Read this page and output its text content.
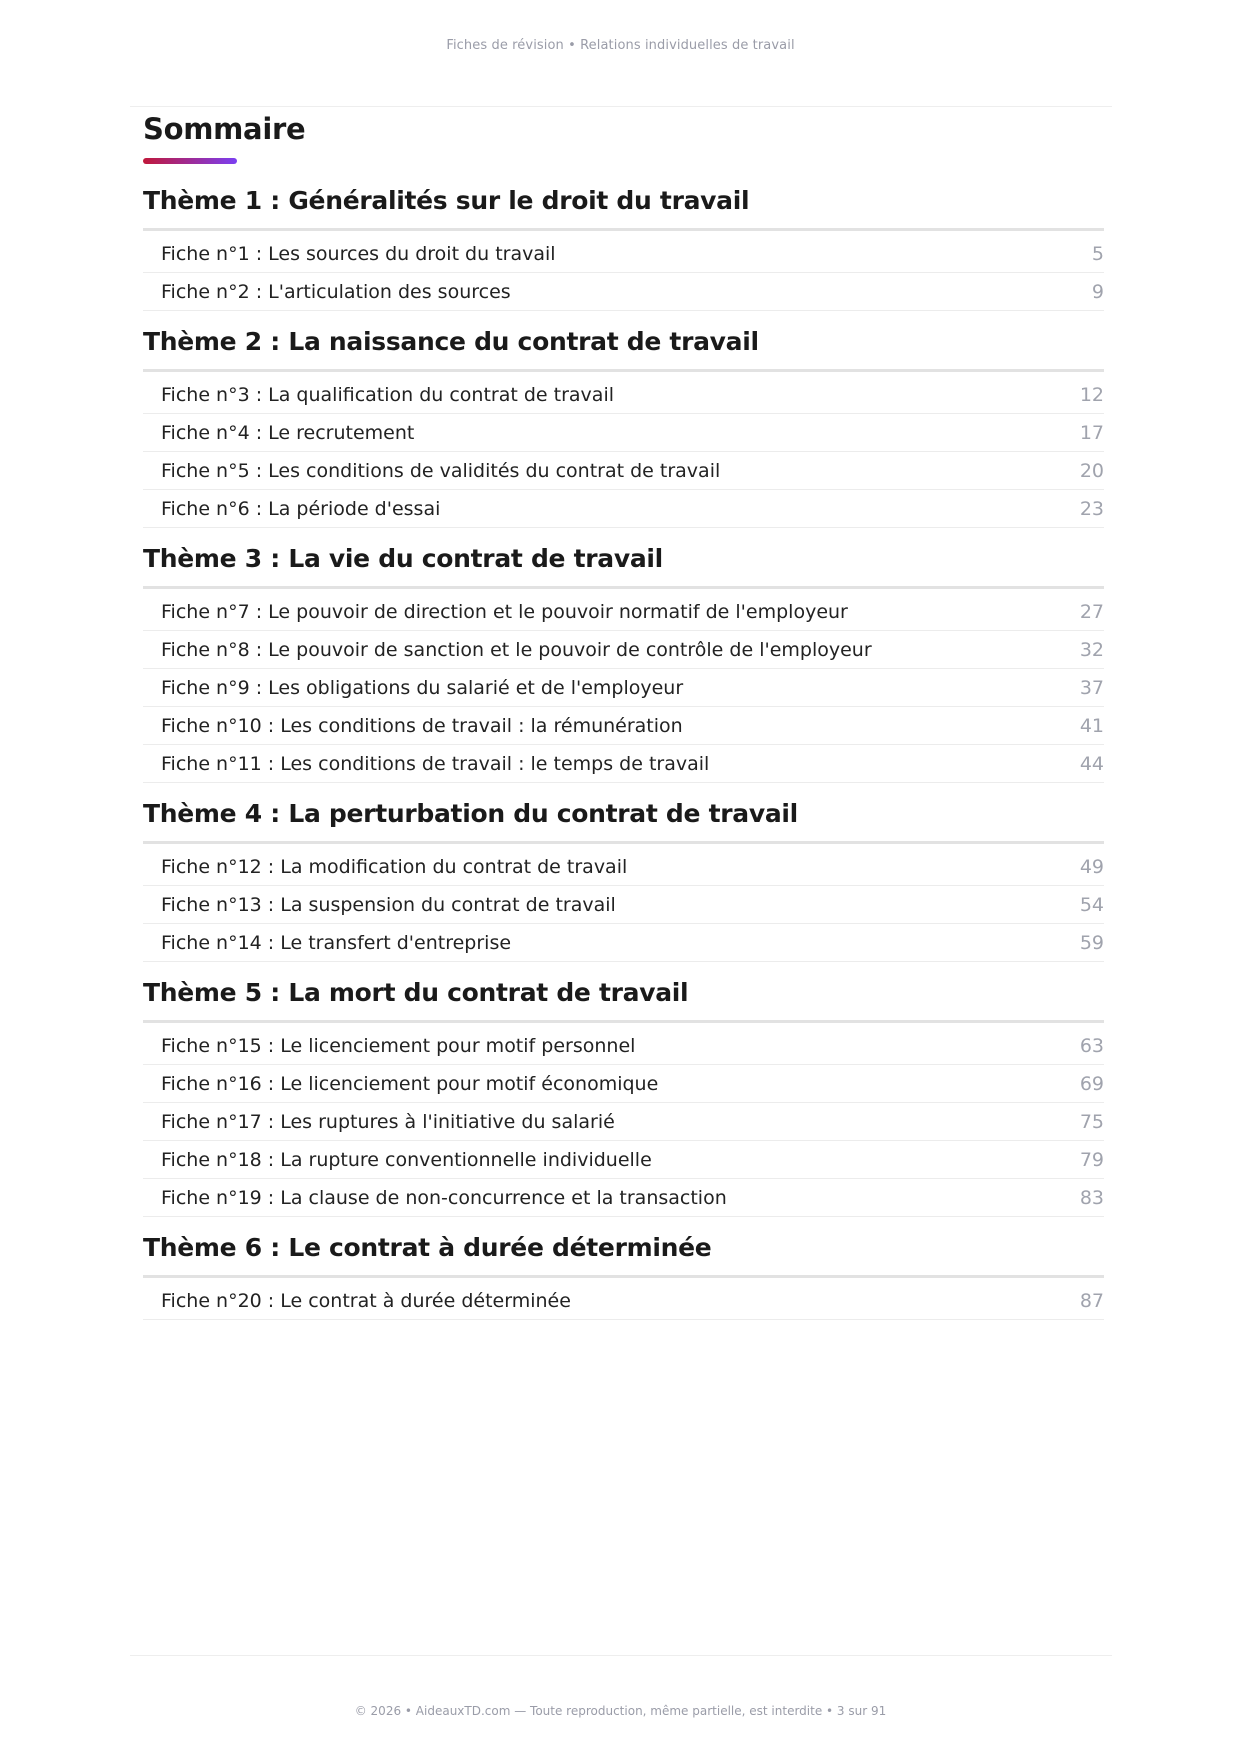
Fiches de révision • Relations individuelles de travail
Sommaire
Thème 1 : Généralités sur le droit du travail
Fiche n°1 : Les sources du droit du travail	5
Fiche n°2 : L'articulation des sources	9
Thème 2 : La naissance du contrat de travail
Fiche n°3 : La qualification du contrat de travail	12
Fiche n°4 : Le recrutement	17
Fiche n°5 : Les conditions de validités du contrat de travail	20
Fiche n°6 : La période d'essai	23
Thème 3 : La vie du contrat de travail
Fiche n°7 : Le pouvoir de direction et le pouvoir normatif de l'employeur	27
Fiche n°8 : Le pouvoir de sanction et le pouvoir de contrôle de l'employeur	32
Fiche n°9 : Les obligations du salarié et de l'employeur	37
Fiche n°10 : Les conditions de travail : la rémunération	41
Fiche n°11 : Les conditions de travail : le temps de travail	44
Thème 4 : La perturbation du contrat de travail
Fiche n°12 : La modification du contrat de travail	49
Fiche n°13 : La suspension du contrat de travail	54
Fiche n°14 : Le transfert d'entreprise	59
Thème 5 : La mort du contrat de travail
Fiche n°15 : Le licenciement pour motif personnel	63
Fiche n°16 : Le licenciement pour motif économique	69
Fiche n°17 : Les ruptures à l'initiative du salarié	75
Fiche n°18 : La rupture conventionnelle individuelle	79
Fiche n°19 : La clause de non-concurrence et la transaction	83
Thème 6 : Le contrat à durée déterminée
Fiche n°20 : Le contrat à durée déterminée	87
© 2026 • AideauxTD.com — Toute reproduction, même partielle, est interdite • 3 sur 91
